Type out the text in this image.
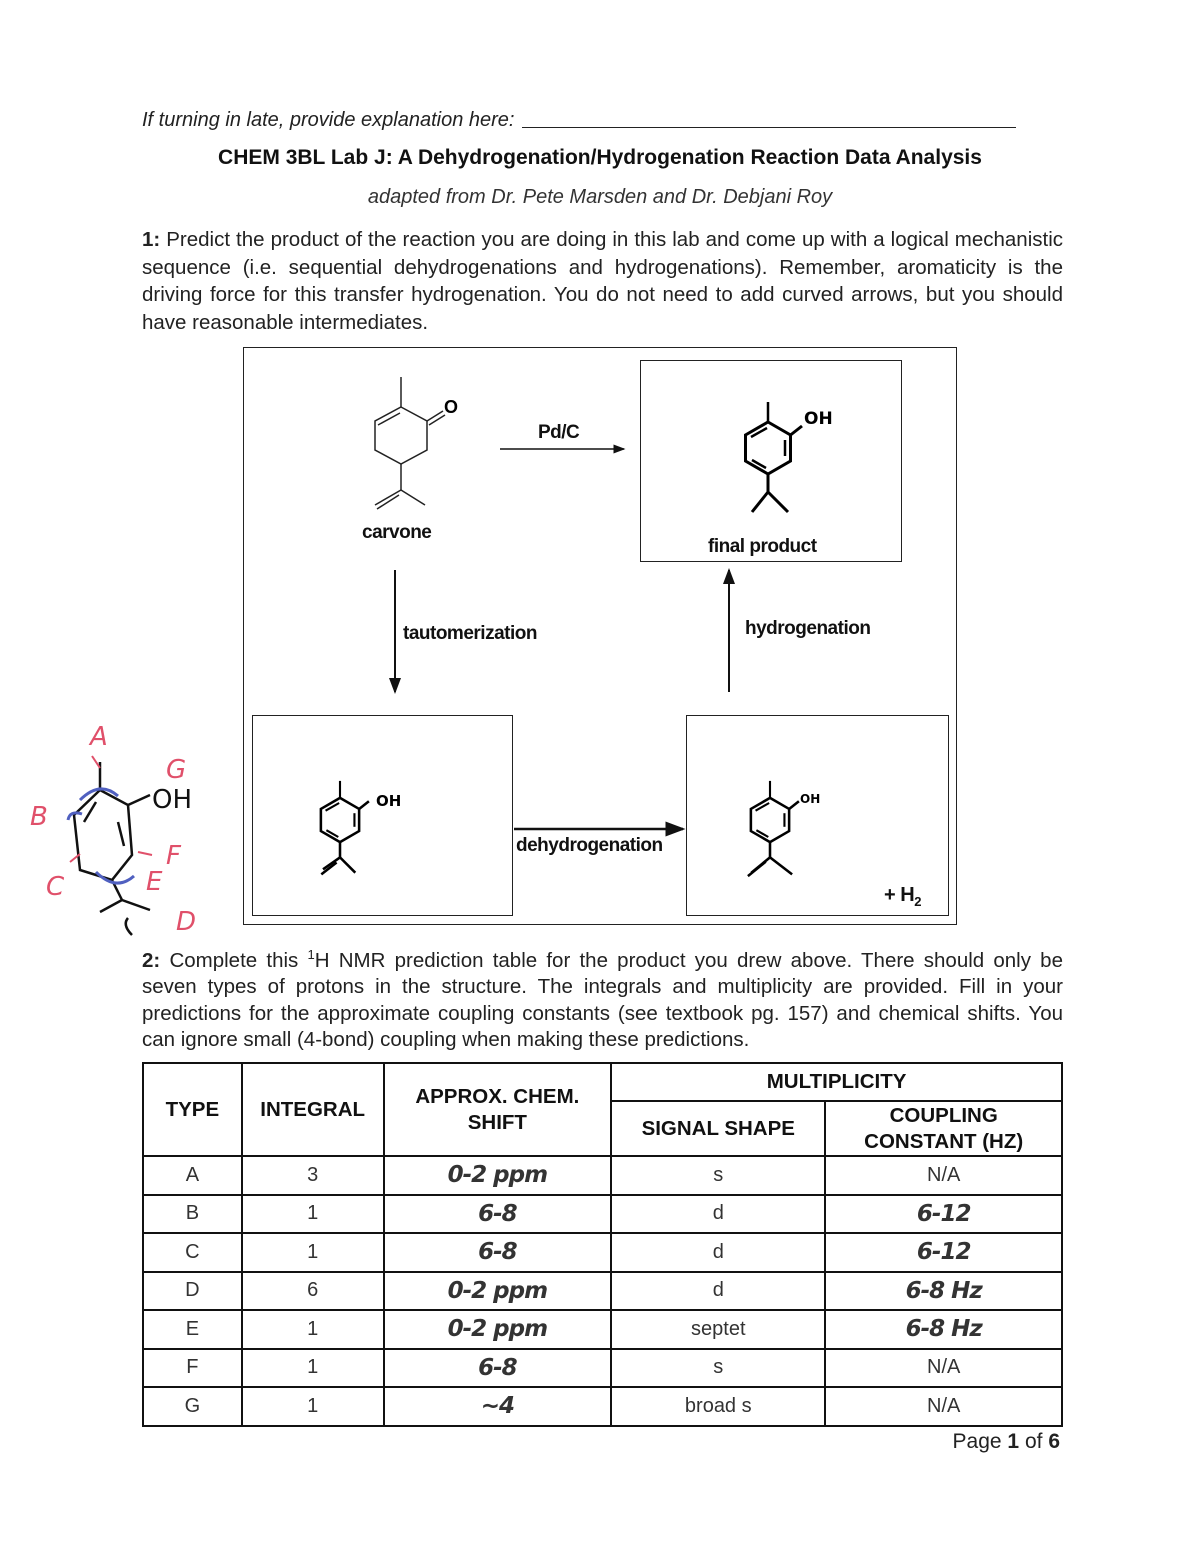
If turning in late, provide explanation here:
CHEM 3BL Lab J: A Dehydrogenation/Hydrogenation Reaction Data Analysis
adapted from Dr. Pete Marsden and Dr. Debjani Roy
1: Predict the product of the reaction you are doing in this lab and come up with a logical mechanistic sequence (i.e. sequential dehydrogenations and hydrogenations). Remember, aromaticity is the driving force for this transfer hydrogenation. You do not need to add curved arrows, but you should have reasonable intermediates.
O
OH
OH	OH
A
B
C
D
E
F
G
OH
carvone
Pd/C
final product
tautomerization	hydrogenation
dehydrogenation
+ $H_2$
2: Complete this $^1$H NMR prediction table for the product you drew above. There should only be seven types of protons in the structure. The integrals and multiplicity are provided. Fill in your predictions for the approximate coupling constants (see textbook pg. 157) and chemical shifts. You can ignore small (4-bond) coupling when making these predictions.
TYPE	INTEGRAL	APPROX. CHEM. SHIFT	MULTIPLICITY	
			SIGNAL SHAPE	COUPLING CONSTANT (HZ)
A	3	0-2 ppm	s	N/A
B	1	6-8	d	6-12
C	1	6-8	d	6-12
D	6	0-2 ppm	d	6-8 Hz
E	1	0-2 ppm	septet	6-8 Hz
F	1	6-8	s	N/A
G	1	~4	broad s	N/A
Page 1 of 6
